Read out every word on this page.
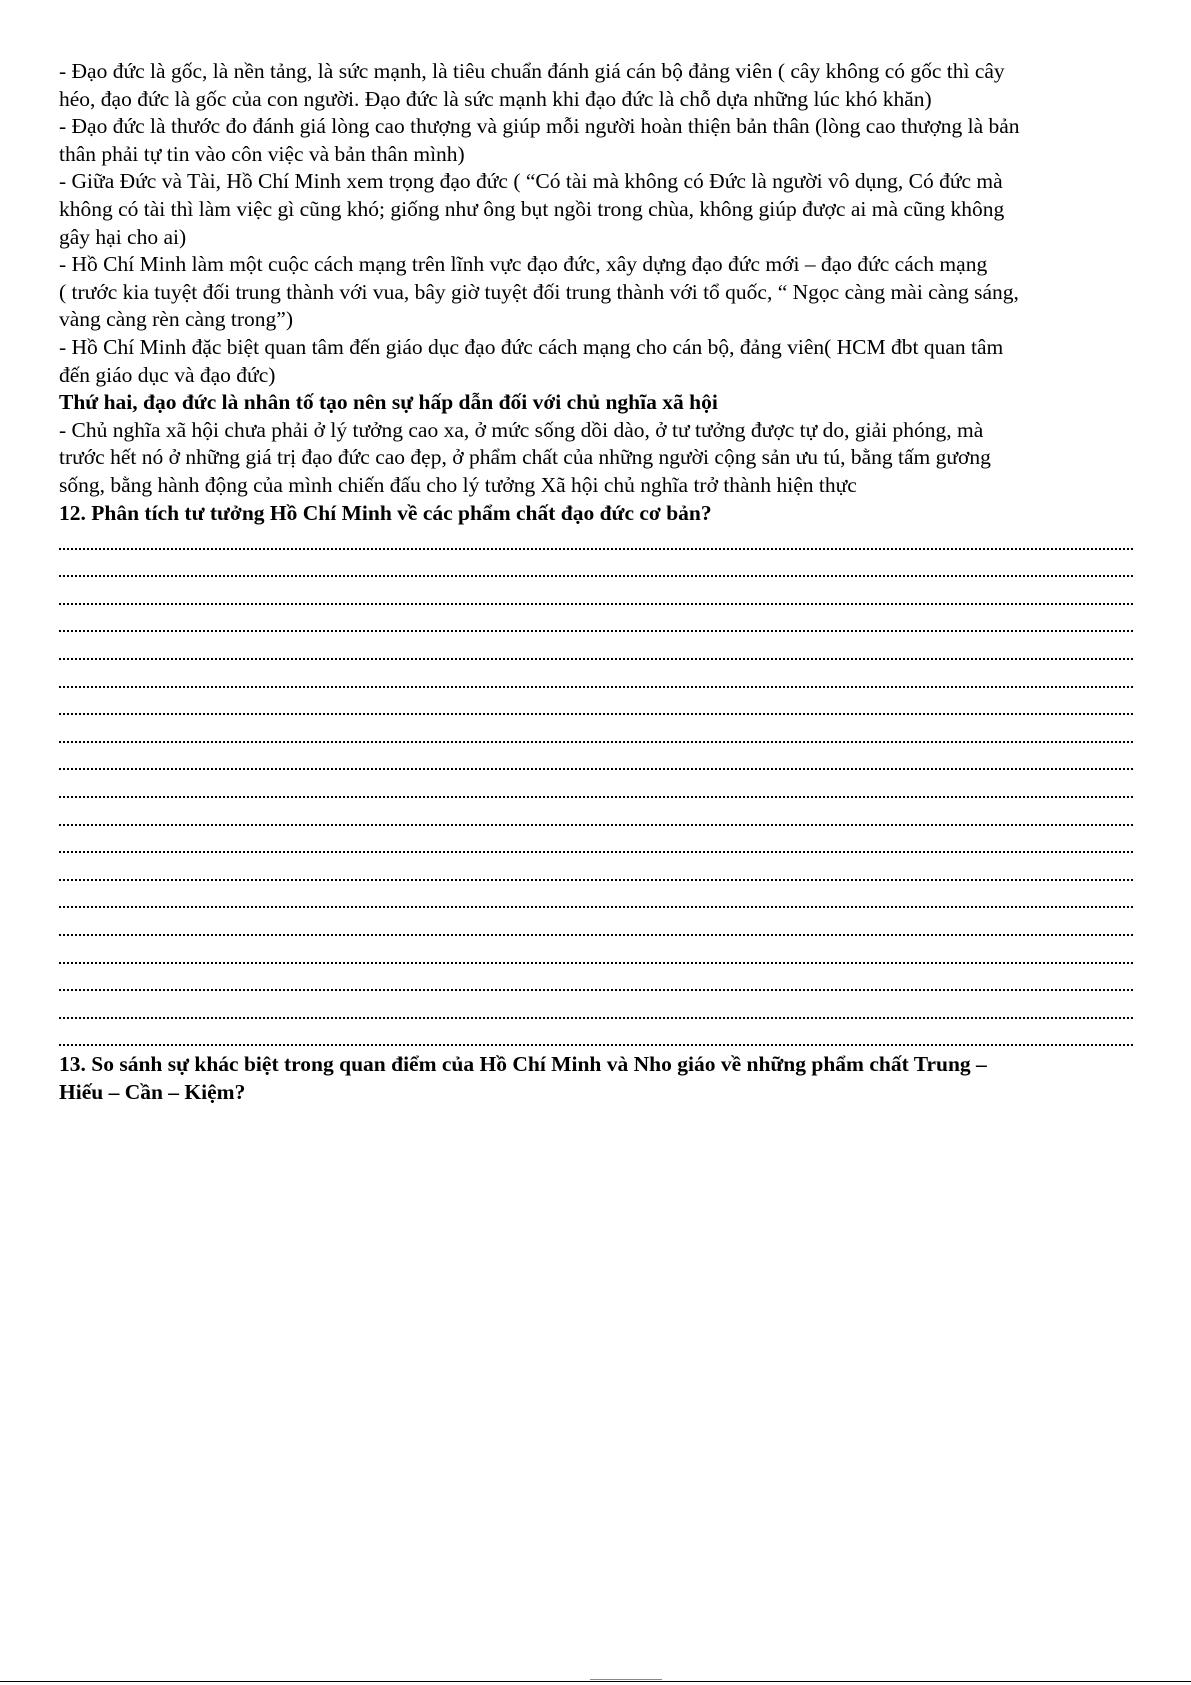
- Đạo đức là gốc, là nền tảng, là sức mạnh, là tiêu chuẩn đánh giá cán bộ đảng viên ( cây không có gốc thì cây

héo, đạo đức là gốc của con người. Đạo đức là sức mạnh khi đạo đức là chỗ dựa những lúc khó khăn)

- Đạo đức là thước đo đánh giá lòng cao thượng và giúp mỗi người hoàn thiện bản thân (lòng cao thượng là bản

thân phải tự tin vào côn việc và bản thân mình)

- Giữa Đức và Tài, Hồ Chí Minh xem trọng đạo đức ( “Có tài mà không có Đức là người vô dụng, Có đức mà

không có tài thì làm việc gì cũng khó; giống như ông bụt ngồi trong chùa, không giúp được ai mà cũng không

gây hại cho ai)

- Hồ Chí Minh làm một cuộc cách mạng trên lĩnh vực đạo đức, xây dựng đạo đức mới – đạo đức cách mạng

( trước kia tuyệt đối trung thành với vua, bây giờ tuyệt đối trung thành với tổ quốc, “ Ngọc càng mài càng sáng,

vàng càng rèn càng trong”)

- Hồ Chí Minh đặc biệt quan tâm đến giáo dục đạo đức cách mạng cho cán bộ, đảng viên( HCM đbt quan tâm

đến giáo dục và đạo đức)

Thứ hai, đạo đức là nhân tố tạo nên sự hấp dẫn đối với chủ nghĩa xã hội

- Chủ nghĩa xã hội chưa phải ở lý tưởng cao xa, ở mức sống dồi dào, ở tư tưởng được tự do, giải phóng, mà

trước hết nó ở những giá trị đạo đức cao đẹp, ở phẩm chất của những người cộng sản ưu tú, bằng tấm gương

sống, bằng hành động của mình chiến đấu cho lý tưởng Xã hội chủ nghĩa trở thành hiện thực

12. Phân tích tư tưởng Hồ Chí Minh về các phẩm chất đạo đức cơ bản?

13. So sánh sự khác biệt trong quan điểm của Hồ Chí Minh và Nho giáo về những phẩm chất Trung –

Hiếu – Cần – Kiệm?
